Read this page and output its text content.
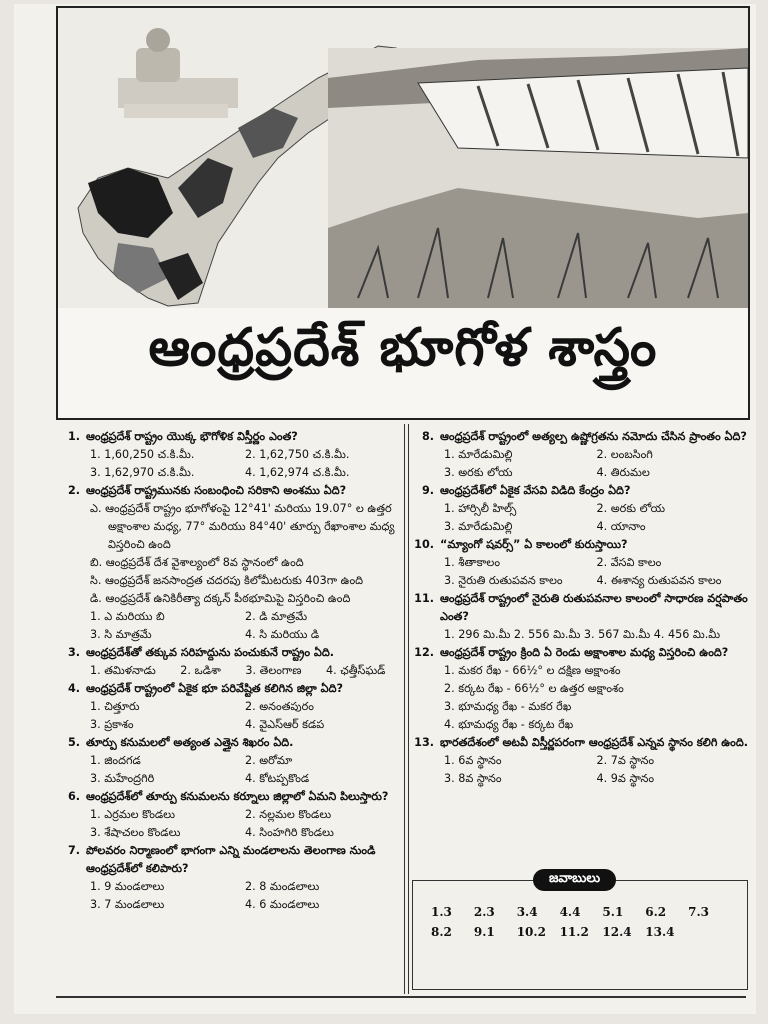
ఆంధ్రప్రదేశ్ భూగోళ శాస్త్రం
1. ఆంధ్రప్రదేశ్ రాష్ట్రం యొక్క భౌగోళిక విస్తీర్ణం ఎంత?
1. 1,60,250 చ.కి.మీ.	2. 1,62,750 చ.కి.మీ.
3. 1,62,970 చ.కి.మీ.	4. 1,62,974 చ.కి.మీ.
2. ఆంధ్రప్రదేశ్ రాష్ట్రమునకు సంబంధించి సరికాని అంశము ఏది?
ఎ. ఆంధ్రప్రదేశ్ రాష్ట్రం భూగోళంపై 12°41' మరియు 19.07° ల ఉత్తర అక్షాంశాల మధ్య, 77° మరియు 84°40' తూర్పు రేఖాంశాల మధ్య విస్తరించి ఉంది
బి. ఆంధ్రప్రదేశ్ దేశ వైశాల్యంలో 8వ స్థానంలో ఉంది
సి. ఆంధ్రప్రదేశ్ జనసాంద్రత చదరపు కిలోమీటరుకు 403గా ఉంది
డి. ఆంధ్రప్రదేశ్ ఉనికిరీత్యా దక్కన్ పీఠభూమిపై విస్తరించి ఉంది
1. ఎ మరియు బి	2. డి మాత్రమే
3. సి మాత్రమే	4. సి మరియు డి
3. ఆంధ్రప్రదేశ్‌తో తక్కువ సరిహద్దును పంచుకునే రాష్ట్రం ఏది.
1. తమిళనాడు	2. ఒడిశా	3. తెలంగాణ	4. ఛత్తీస్‌ఘడ్
4. ఆంధ్రప్రదేశ్ రాష్ట్రంలో ఏకైక భూ పరివేష్టిత కలిగిన జిల్లా ఏది?
1. చిత్తూరు	2. అనంతపురం
3. ప్రకాశం	4. వైఎస్ఆర్ కడప
5. తూర్పు కనుమలలో అత్యంత ఎత్తైన శిఖరం ఏది.
1. జిందగడ	2. అరోమా
3. మహేంద్రగిరి	4. కోటప్పకొండ
6. ఆంధ్రప్రదేశ్‌లో తూర్పు కనుమలను కర్నూలు జిల్లాలో ఏమని పిలుస్తారు?
1. ఎర్రమల కొండలు	2. నల్లమల కొండలు
3. శేషాచలం కొండలు	4. సింహగిరి కొండలు
7. పోలవరం నిర్మాణంలో భాగంగా ఎన్ని మండలాలను తెలంగాణ నుండి ఆంధ్రప్రదేశ్‌లో కలిపారు?
1. 9 మండలాలు	2. 8 మండలాలు
3. 7 మండలాలు	4. 6 మండలాలు
8. ఆంధ్రప్రదేశ్ రాష్ట్రంలో అత్యల్ప ఉష్ణోగ్రతను నమోదు చేసిన ప్రాంతం ఏది?
1. మారేడుమిల్లి	2. లంబసింగి
3. అరకు లోయ	4. తిరుమల
9. ఆంధ్రప్రదేశ్‌లో ఏకైక వేసవి విడిది కేంద్రం ఏది?
1. హార్సిలీ హిల్స్	2. అరకు లోయ
3. మారేడుమిల్లి	4. యానాం
10. “మ్యాంగో షవర్స్” ఏ కాలంలో కురుస్తాయి?
1. శీతాకాలం	2. వేసవి కాలం
3. నైరుతి రుతుపవన కాలం	4. ఈశాన్య రుతుపవన కాలం
11. ఆంధ్రప్రదేశ్ రాష్ట్రంలో నైరుతి రుతుపవనాల కాలంలో సాధారణ వర్షపాతం ఎంత?
1. 296 మి.మీ 2. 556 మి.మీ 3. 567 మి.మీ 4. 456 మి.మీ
12. ఆంధ్రప్రదేశ్ రాష్ట్రం క్రింది ఏ రెండు అక్షాంశాల మధ్య విస్తరించి ఉంది?
1. మకర రేఖ - 66½° ల దక్షిణ అక్షాంశం
2. కర్కట రేఖ - 66½° ల ఉత్తర అక్షాంశం
3. భూమధ్య రేఖ - మకర రేఖ
4. భూమధ్య రేఖ - కర్కట రేఖ
13. భారతదేశంలో అటవీ విస్తీర్ణపరంగా ఆంధ్రప్రదేశ్ ఎన్నవ స్థానం కలిగి ఉంది.
1. 6వ స్థానం	2. 7వ స్థానం
3. 8వ స్థానం	4. 9వ స్థానం
జవాబులు
1.3	2.3	3.4	4.4	5.1	6.2	7.3
8.2	9.1	10.2	11.2	12.4	13.4
